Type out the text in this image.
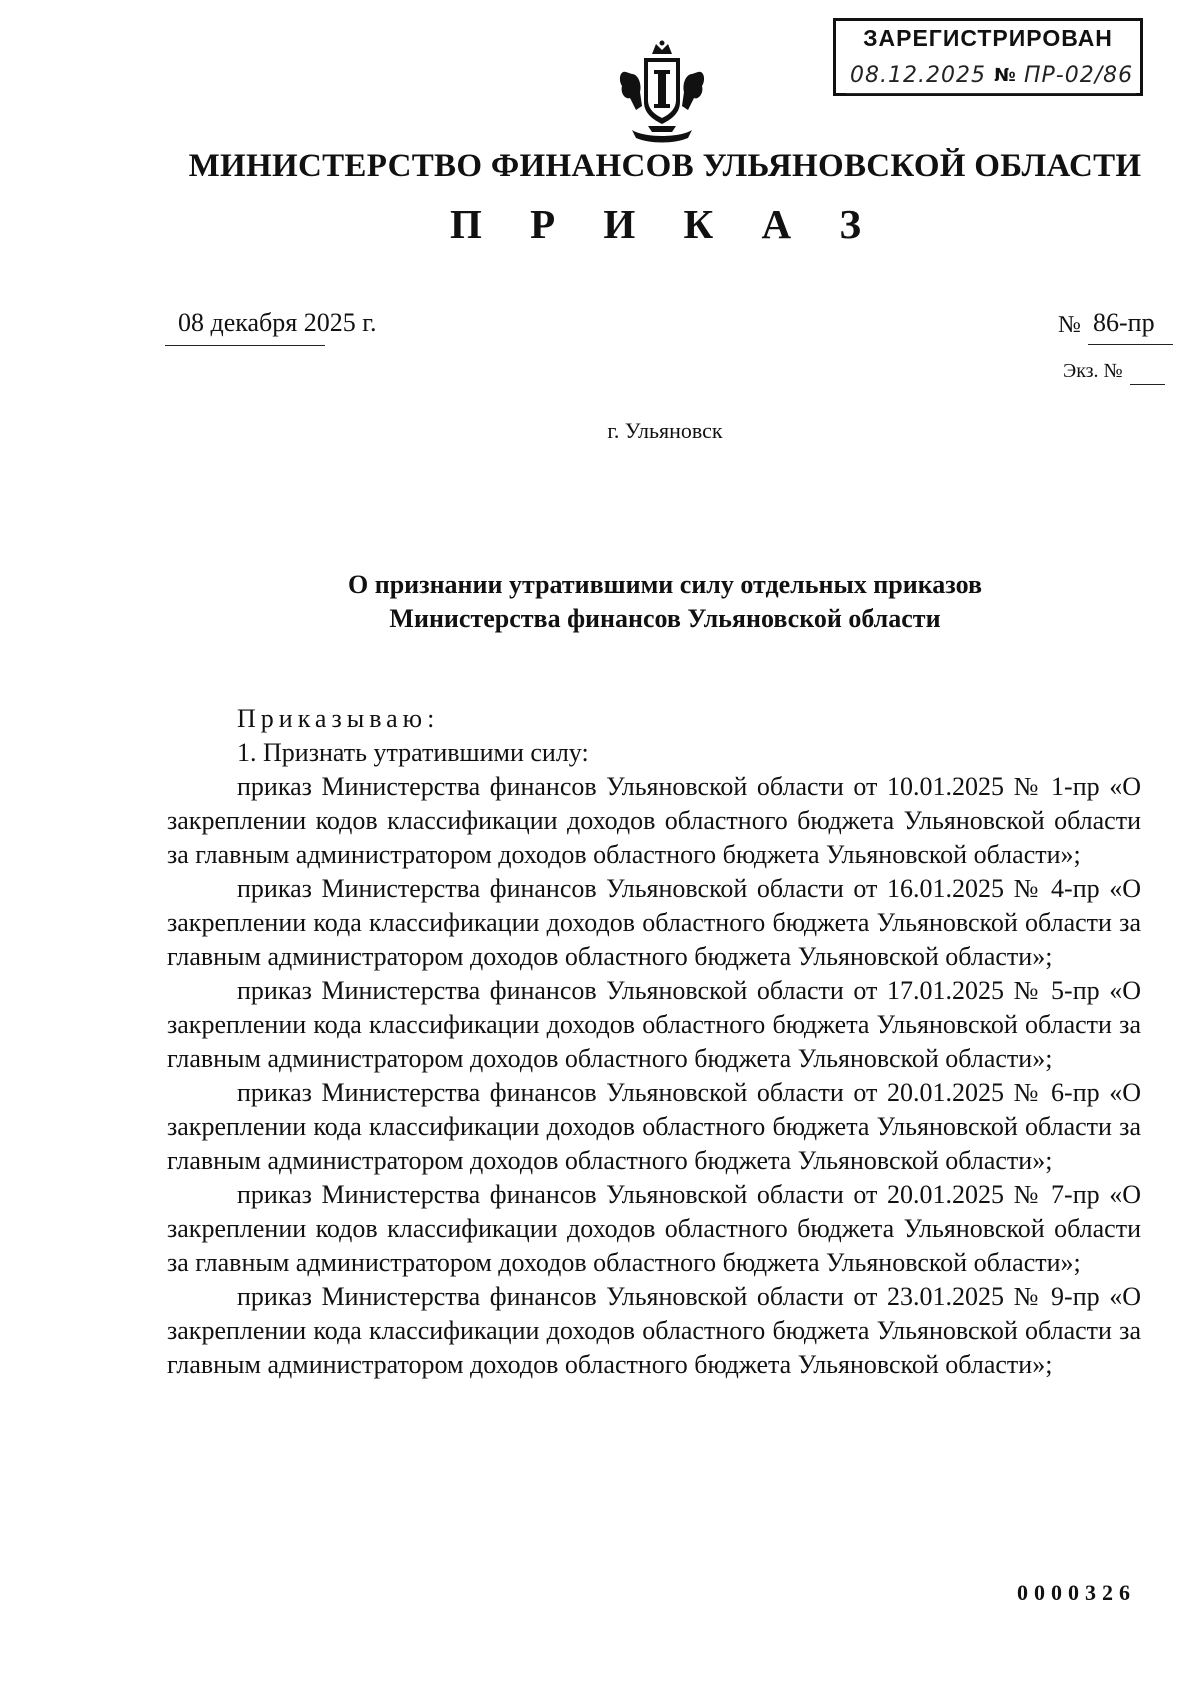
ЗАРЕГИСТРИРОВАН
08.12.2025 № ПР-02/86
МИНИСТЕРСТВО ФИНАНСОВ УЛЬЯНОВСКОЙ ОБЛАСТИ
П Р И К А З
08 декабря 2025 г.	№ 86-пр
Экз. №
г. Ульяновск
О признании утратившими силу отдельных приказов
Министерства финансов Ульяновской области

Приказываю:

1. Признать утратившими силу:

приказ Министерства финансов Ульяновской области от 10.01.2025 № 1-пр «О закреплении кодов классификации доходов областного бюджета Ульяновской области за главным администратором доходов областного бюджета Ульяновской области»;

приказ Министерства финансов Ульяновской области от 16.01.2025 № 4-пр «О закреплении кода классификации доходов областного бюджета Ульяновской области за главным администратором доходов областного бюджета Ульяновской области»;

приказ Министерства финансов Ульяновской области от 17.01.2025 № 5-пр «О закреплении кода классификации доходов областного бюджета Ульяновской области за главным администратором доходов областного бюджета Ульяновской области»;

приказ Министерства финансов Ульяновской области от 20.01.2025 № 6-пр «О закреплении кода классификации доходов областного бюджета Ульяновской области за главным администратором доходов областного бюджета Ульяновской области»;

приказ Министерства финансов Ульяновской области от 20.01.2025 № 7-пр «О закреплении кодов классификации доходов областного бюджета Ульяновской области за главным администратором доходов областного бюджета Ульяновской области»;

приказ Министерства финансов Ульяновской области от 23.01.2025 № 9-пр «О закреплении кода классификации доходов областного бюджета Ульяновской области за главным администратором доходов областного бюджета Ульяновской области»;

0000326
